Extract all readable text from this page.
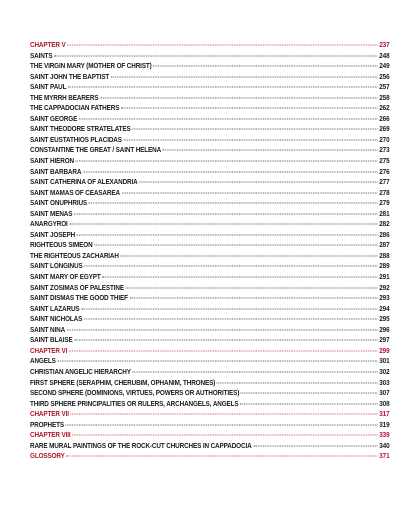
CHAPTER V	237
SAINTS	248
THE VIRGIN MARY (MOTHER OF CHRIST)	249
SAINT JOHN THE BAPTIST	256
SAINT PAUL	257
THE MYRRH BEARERS	258
THE CAPPADOCIAN FATHERS	262
SAINT GEORGE	266
SAINT THEODORE STRATELATES	269
SAINT EUSTATHIOS PLACIDAS	270
CONSTANTINE THE GREAT / SAINT HELENA	273
SAINT HIERON	275
SAINT BARBARA	276
SAINT CATHERINA OF ALEXANDRIA	277
SAINT MAMAS OF CEASAREA	278
SAINT ONUPHRIUS	279
SAINT MENAS	281
ANARGYROI	282
SAINT JOSEPH	286
RIGHTEOUS SIMEON	287
THE RIGHTEOUS ZACHARIAH	288
SAINT LONGINUS	289
SAINT MARY OF EGYPT	291
SAINT ZOSIMAS OF PALESTINE	292
SAINT DISMAS THE GOOD THIEF	293
SAINT LAZARUS	294
SAINT NICHOLAS	295
SAINT NINA	296
SAINT BLAISE	297
CHAPTER VI	299
ANGELS	301
CHRISTIAN ANGELIC HIERARCHY	302
FIRST SPHERE (SERAPHIM, CHERUBIM, OPHANIM, THRONES)	303
SECOND SPHERE (DOMINIONS, VIRTUES, POWERS OR AUTHORITIES)	307
THIRD SPHERE PRINCIPALITIES OR RULERS, ARCHANGELS, ANGELS	308
CHAPTER VII	317
PROPHETS	319
CHAPTER VIII	339
RARE MURAL PAINTINGS OF THE ROCK-CUT CHURCHES IN CAPPADOCIA	340
GLOSSORY	371
